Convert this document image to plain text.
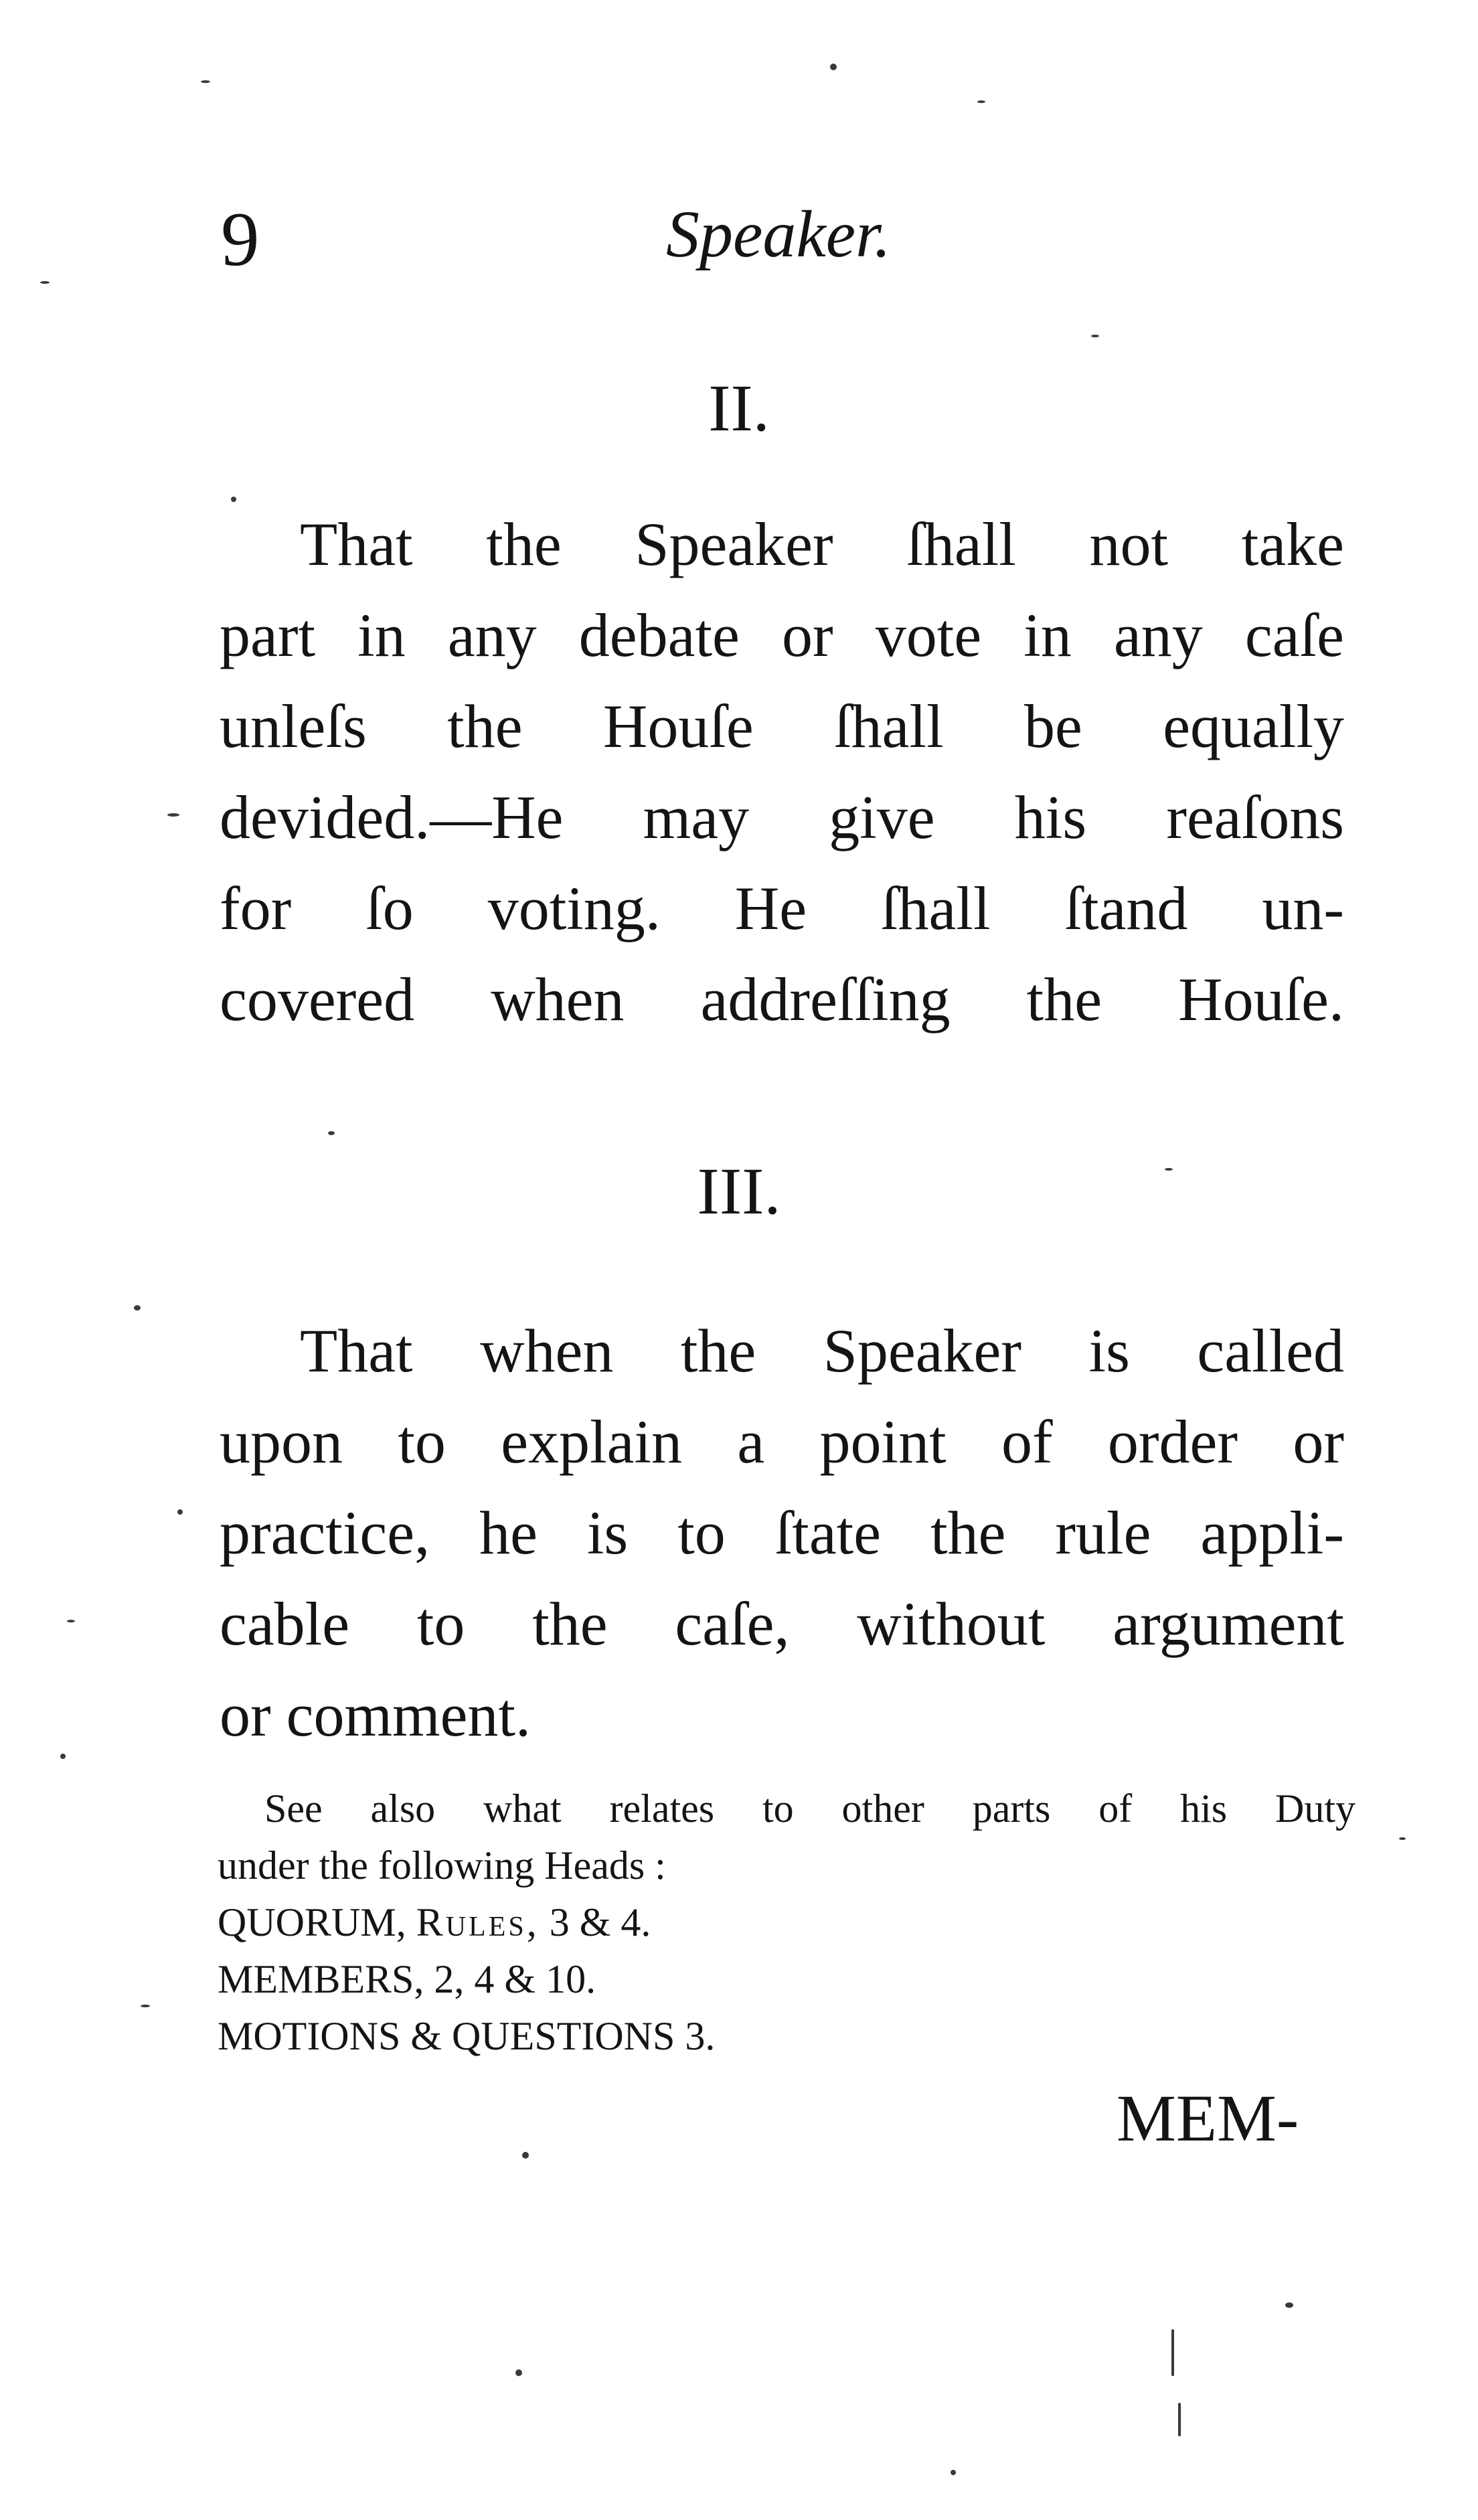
9	Speaker.
II.
That the Speaker ſhall not take
part in any debate or vote in any caſe
unleſs the Houſe ſhall be equally
devided.—He may give his reaſons
for ſo voting. He ſhall ſtand un-
covered when addreſſing the Houſe.
III.
That when the Speaker is called
upon to explain a point of order or
practice, he is to ſtate the rule appli-
cable to the caſe, without argument
or comment.
See also what relates to other parts of his Duty
under the following Heads :
QUORUM, Rules, 3 & 4.
MEMBERS, 2, 4 & 10.
MOTIONS & QUESTIONS 3.
MEM-
